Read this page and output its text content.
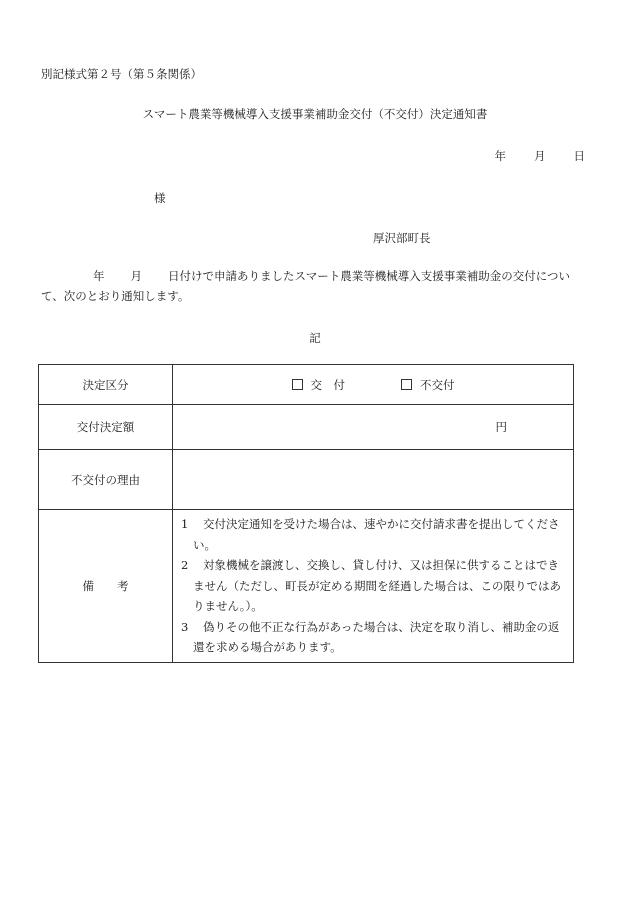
別記様式第２号（第５条関係）
スマート農業等機械導入支援事業補助金交付（不交付）決定通知書
年 月 日
様
厚沢部町長
年 月 日付けで申請ありましたスマート農業等機械導入支援事業補助金の交付について、次のとおり通知します。
記
決定区分	交　付 不交付
交付決定額	円
不交付の理由	
備　　考	1 交付決定通知を受けた場合は、速やかに交付請求書を提出してください。
2 対象機械を譲渡し、交換し、貸し付け、又は担保に供することはできません（ただし、町長が定める期間を経過した場合は、この限りではありません。）。
3 偽りその他不正な行為があった場合は、決定を取り消し、補助金の返還を求める場合があります。
